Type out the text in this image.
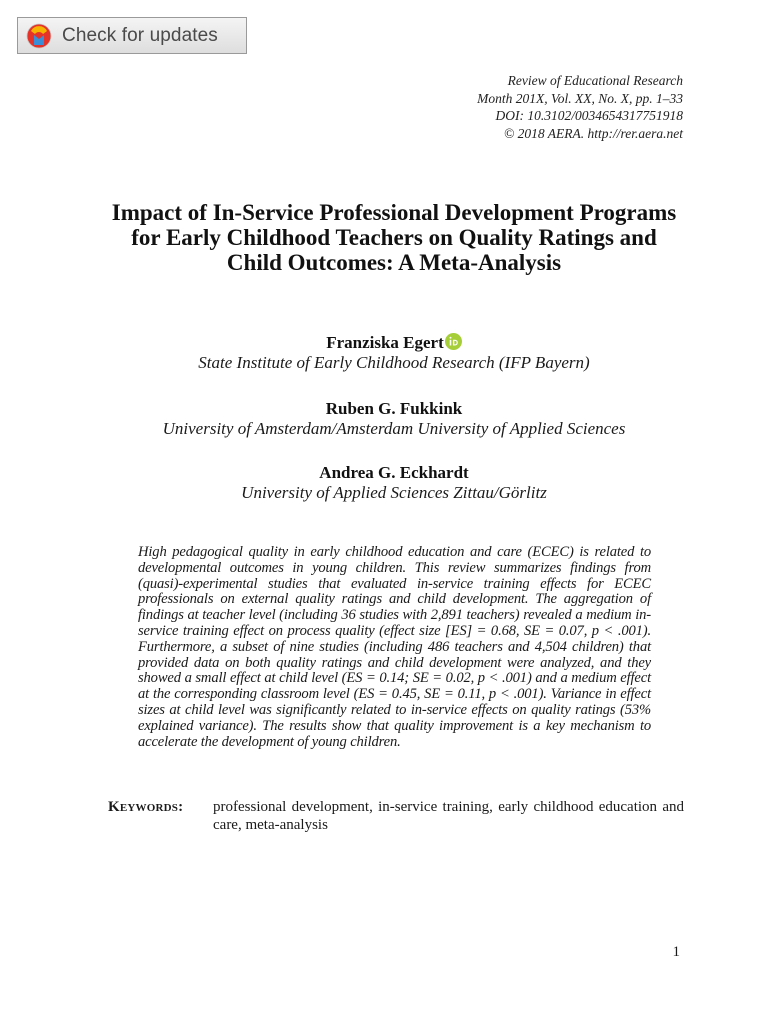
Check for updates
Review of Educational Research
Month 201X, Vol. XX, No. X, pp. 1–33
DOI: 10.3102/0034654317751918
© 2018 AERA. http://rer.aera.net
Impact of In-Service Professional Development Programs for Early Childhood Teachers on Quality Ratings and Child Outcomes: A Meta-Analysis
Franziska Egert
State Institute of Early Childhood Research (IFP Bayern)
Ruben G. Fukkink
University of Amsterdam/Amsterdam University of Applied Sciences
Andrea G. Eckhardt
University of Applied Sciences Zittau/Görlitz

High pedagogical quality in early childhood education and care (ECEC) is related to developmental outcomes in young children. This review summarizes findings from (quasi)-experimental studies that evaluated in-service training effects for ECEC professionals on external quality ratings and child development. The aggregation of findings at teacher level (including 36 studies with 2,891 teachers) revealed a medium in-service training effect on process quality (effect size [ES] = 0.68, SE = 0.07, p < .001). Furthermore, a subset of nine studies (including 486 teachers and 4,504 children) that provided data on both quality ratings and child development were analyzed, and they showed a small effect at child level (ES = 0.14; SE = 0.02, p < .001) and a medium effect at the corresponding classroom level (ES = 0.45, SE = 0.11, p < .001). Variance in effect sizes at child level was significantly related to in-service effects on quality ratings (53% explained variance). The results show that quality improvement is a key mechanism to accelerate the development of young children.

Keywords:	professional development, in-service training, early childhood education and care, meta-analysis
1
